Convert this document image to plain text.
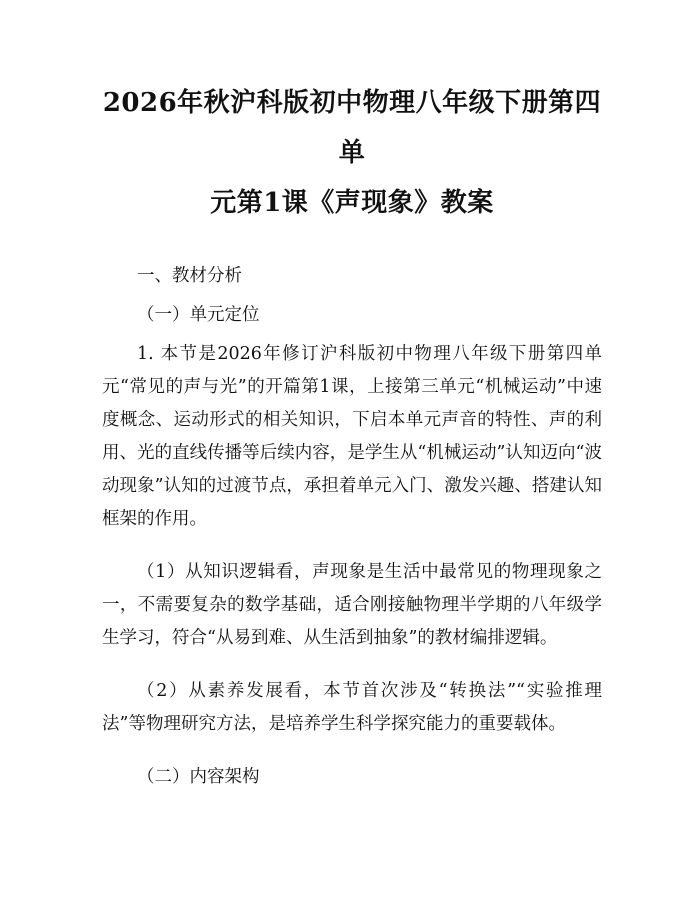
2026年秋沪科版初中物理八年级下册第四单
元第1课《声现象》教案
一、教材分析
（一）单元定位

1. 本节是2026年修订沪科版初中物理八年级下册第四单元“常见的声与光”的开篇第1课，上接第三单元“机械运动”中速度概念、运动形式的相关知识，下启本单元声音的特性、声的利用、光的直线传播等后续内容，是学生从“机械运动”认知迈向“波动现象”认知的过渡节点，承担着单元入门、激发兴趣、搭建认知框架的作用。

（1）从知识逻辑看，声现象是生活中最常见的物理现象之一，不需要复杂的数学基础，适合刚接触物理半学期的八年级学生学习，符合“从易到难、从生活到抽象”的教材编排逻辑。

（2）从素养发展看，本节首次涉及“转换法”“实验推理法”等物理研究方法，是培养学生科学探究能力的重要载体。

（二）内容架构
